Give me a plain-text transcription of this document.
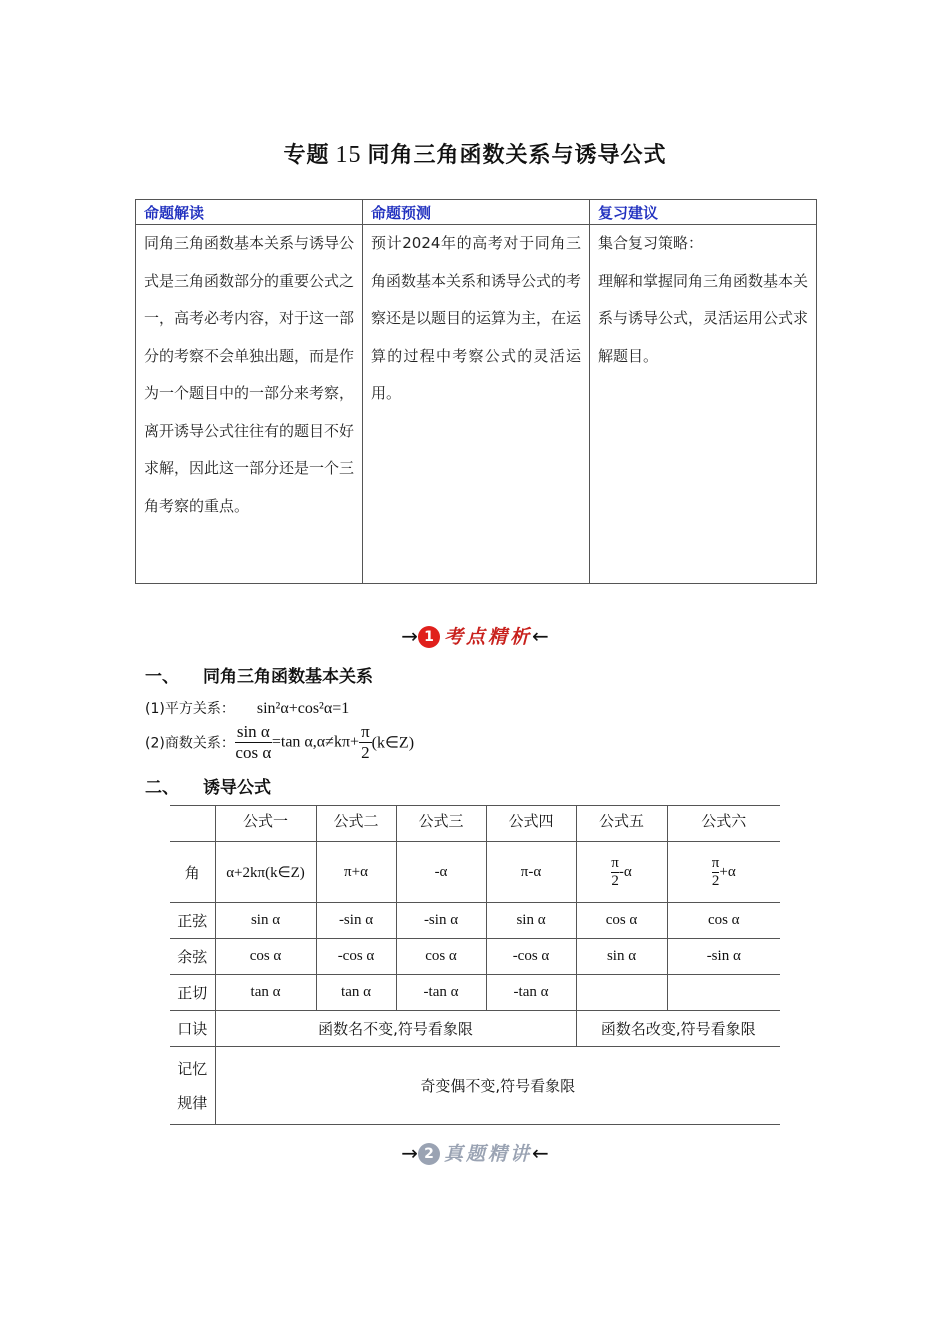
专题 15 同角三角函数关系与诱导公式
命题解读	命题预测	复习建议
同角三角函数基本关系与诱导公式是三角函数部分的重要公式之一，高考必考内容，对于这一部分的考察不会单独出题，而是作为一个题目中的一部分来考察，离开诱导公式往往有的题目不好求解，因此这一部分还是一个三角考察的重点。	预计2024年的高考对于同角三角函数基本关系和诱导公式的考察还是以题目的运算为主，在运算的过程中考察公式的灵活运用。	集合复习策略：
理解和掌握同角三角函数基本关系与诱导公式，灵活运用公式求解题目。
→ 1 考点精析←
一、 同角三角函数基本关系
(1)平方关系： sin²α+cos²α=1
(2)商数关系： $\frac{\text{sin α}}{\text{cos α}} =\tan$ $\alpha,\alpha\ne k\pi+ \frac{\pi}{2}$ (k∈Z)
二、 诱导公式
	公式一	公式二	公式三	公式四	公式五	公式六
角	α+2kπ(k∈Z)	π+α	-α	π-α	$\frac{\pi}{2} -\alpha$	$\frac{\pi}{2} +\alpha$
正弦	sin α	-sin α	-sin α	sin α	cos α	cos α
余弦	cos α	-cos α	cos α	-cos α	sin α	-sin α
正切	tan α	tan α	-tan α	-tan α		
口诀	函数名不变,符号看象限				函数名改变,符号看象限	

记忆
规律	奇变偶不变,符号看象限					
→ 2 真题精讲←
